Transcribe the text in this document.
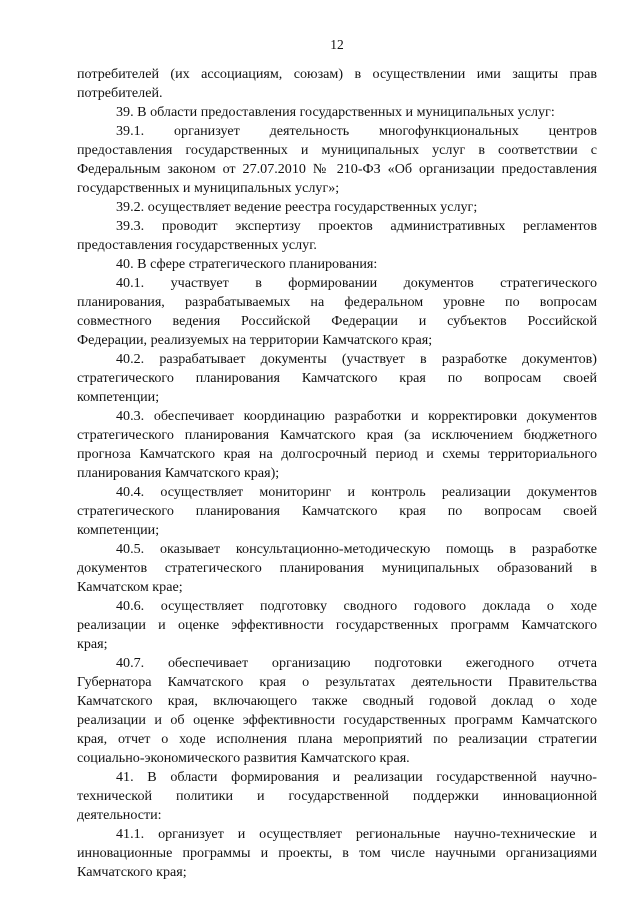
12
потребителей (их ассоциациям, союзам) в осуществлении ими защиты прав
потребителей.
39. В области предоставления государственных и муниципальных услуг:
39.1. организует деятельность многофункциональных центров
предоставления государственных и муниципальных услуг в соответствии с
Федеральным законом от 27.07.2010 № 210-ФЗ «Об организации предоставления
государственных и муниципальных услуг»;
39.2. осуществляет ведение реестра государственных услуг;
39.3. проводит экспертизу проектов административных регламентов
предоставления государственных услуг.
40. В сфере стратегического планирования:
40.1. участвует в формировании документов стратегического
планирования, разрабатываемых на федеральном уровне по вопросам
совместного ведения Российской Федерации и субъектов Российской
Федерации, реализуемых на территории Камчатского края;
40.2. разрабатывает документы (участвует в разработке документов)
стратегического планирования Камчатского края по вопросам своей
компетенции;
40.3. обеспечивает координацию разработки и корректировки документов
стратегического планирования Камчатского края (за исключением бюджетного
прогноза Камчатского края на долгосрочный период и схемы территориального
планирования Камчатского края);
40.4. осуществляет мониторинг и контроль реализации документов
стратегического планирования Камчатского края по вопросам своей
компетенции;
40.5. оказывает консультационно-методическую помощь в разработке
документов стратегического планирования муниципальных образований в
Камчатском крае;
40.6. осуществляет подготовку сводного годового доклада о ходе
реализации и оценке эффективности государственных программ Камчатского
края;
40.7. обеспечивает организацию подготовки ежегодного отчета
Губернатора Камчатского края о результатах деятельности Правительства
Камчатского края, включающего также сводный годовой доклад о ходе
реализации и об оценке эффективности государственных программ Камчатского
края, отчет о ходе исполнения плана мероприятий по реализации стратегии
социально-экономического развития Камчатского края.
41. В области формирования и реализации государственной научно-
технической политики и государственной поддержки инновационной
деятельности:
41.1. организует и осуществляет региональные научно-технические и
инновационные программы и проекты, в том числе научными организациями
Камчатского края;
